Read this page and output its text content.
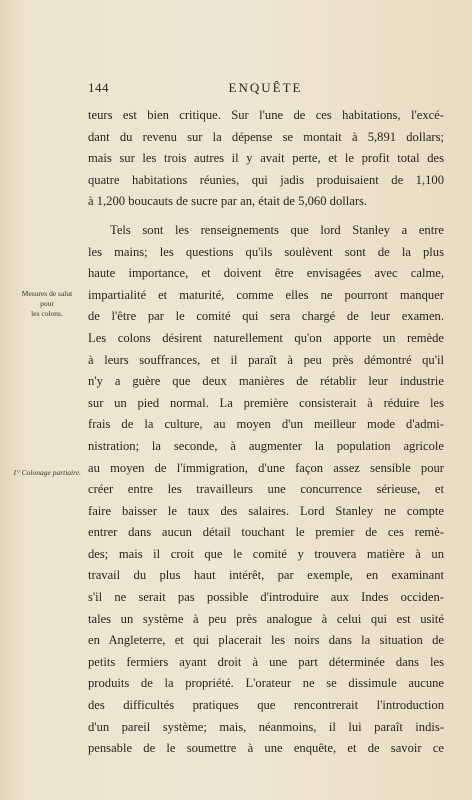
144	ENQUÊTE
Mesures de salut
pour
les colons.
1° Colonage partiaire.
teurs est bien critique. Sur l'une de ces habitations, l'excé-
dant du revenu sur la dépense se montait à 5,891 dollars;
mais sur les trois autres il y avait perte, et le profit total des
quatre habitations réunies, qui jadis produisaient de 1,100
à 1,200 boucauts de sucre par an, était de 5,060 dollars.
Tels sont les renseignements que lord Stanley a entre
les mains; les questions qu'ils soulèvent sont de la plus
haute importance, et doivent être envisagées avec calme,
impartialité et maturité, comme elles ne pourront manquer
de l'être par le comité qui sera chargé de leur examen.
Les colons désirent naturellement qu'on apporte un remède
à leurs souffrances, et il paraît à peu près démontré qu'il
n'y a guère que deux manières de rétablir leur industrie
sur un pied normal. La première consisterait à réduire les
frais de la culture, au moyen d'un meilleur mode d'admi-
nistration; la seconde, à augmenter la population agricole
au moyen de l'immigration, d'une façon assez sensible pour
créer entre les travailleurs une concurrence sérieuse, et
faire baisser le taux des salaires. Lord Stanley ne compte
entrer dans aucun détail touchant le premier de ces remè-
des; mais il croit que le comité y trouvera matière à un
travail du plus haut intérêt, par exemple, en examinant
s'il ne serait pas possible d'introduire aux Indes occiden-
tales un système à peu près analogue à celui qui est usité
en Angleterre, et qui placerait les noirs dans la situation de
petits fermiers ayant droit à une part déterminée dans les
produits de la propriété. L'orateur ne se dissimule aucune
des difficultés pratiques que rencontrerait l'introduction
d'un pareil système; mais, néanmoins, il lui paraît indis-
pensable de le soumettre à une enquête, et de savoir ce
